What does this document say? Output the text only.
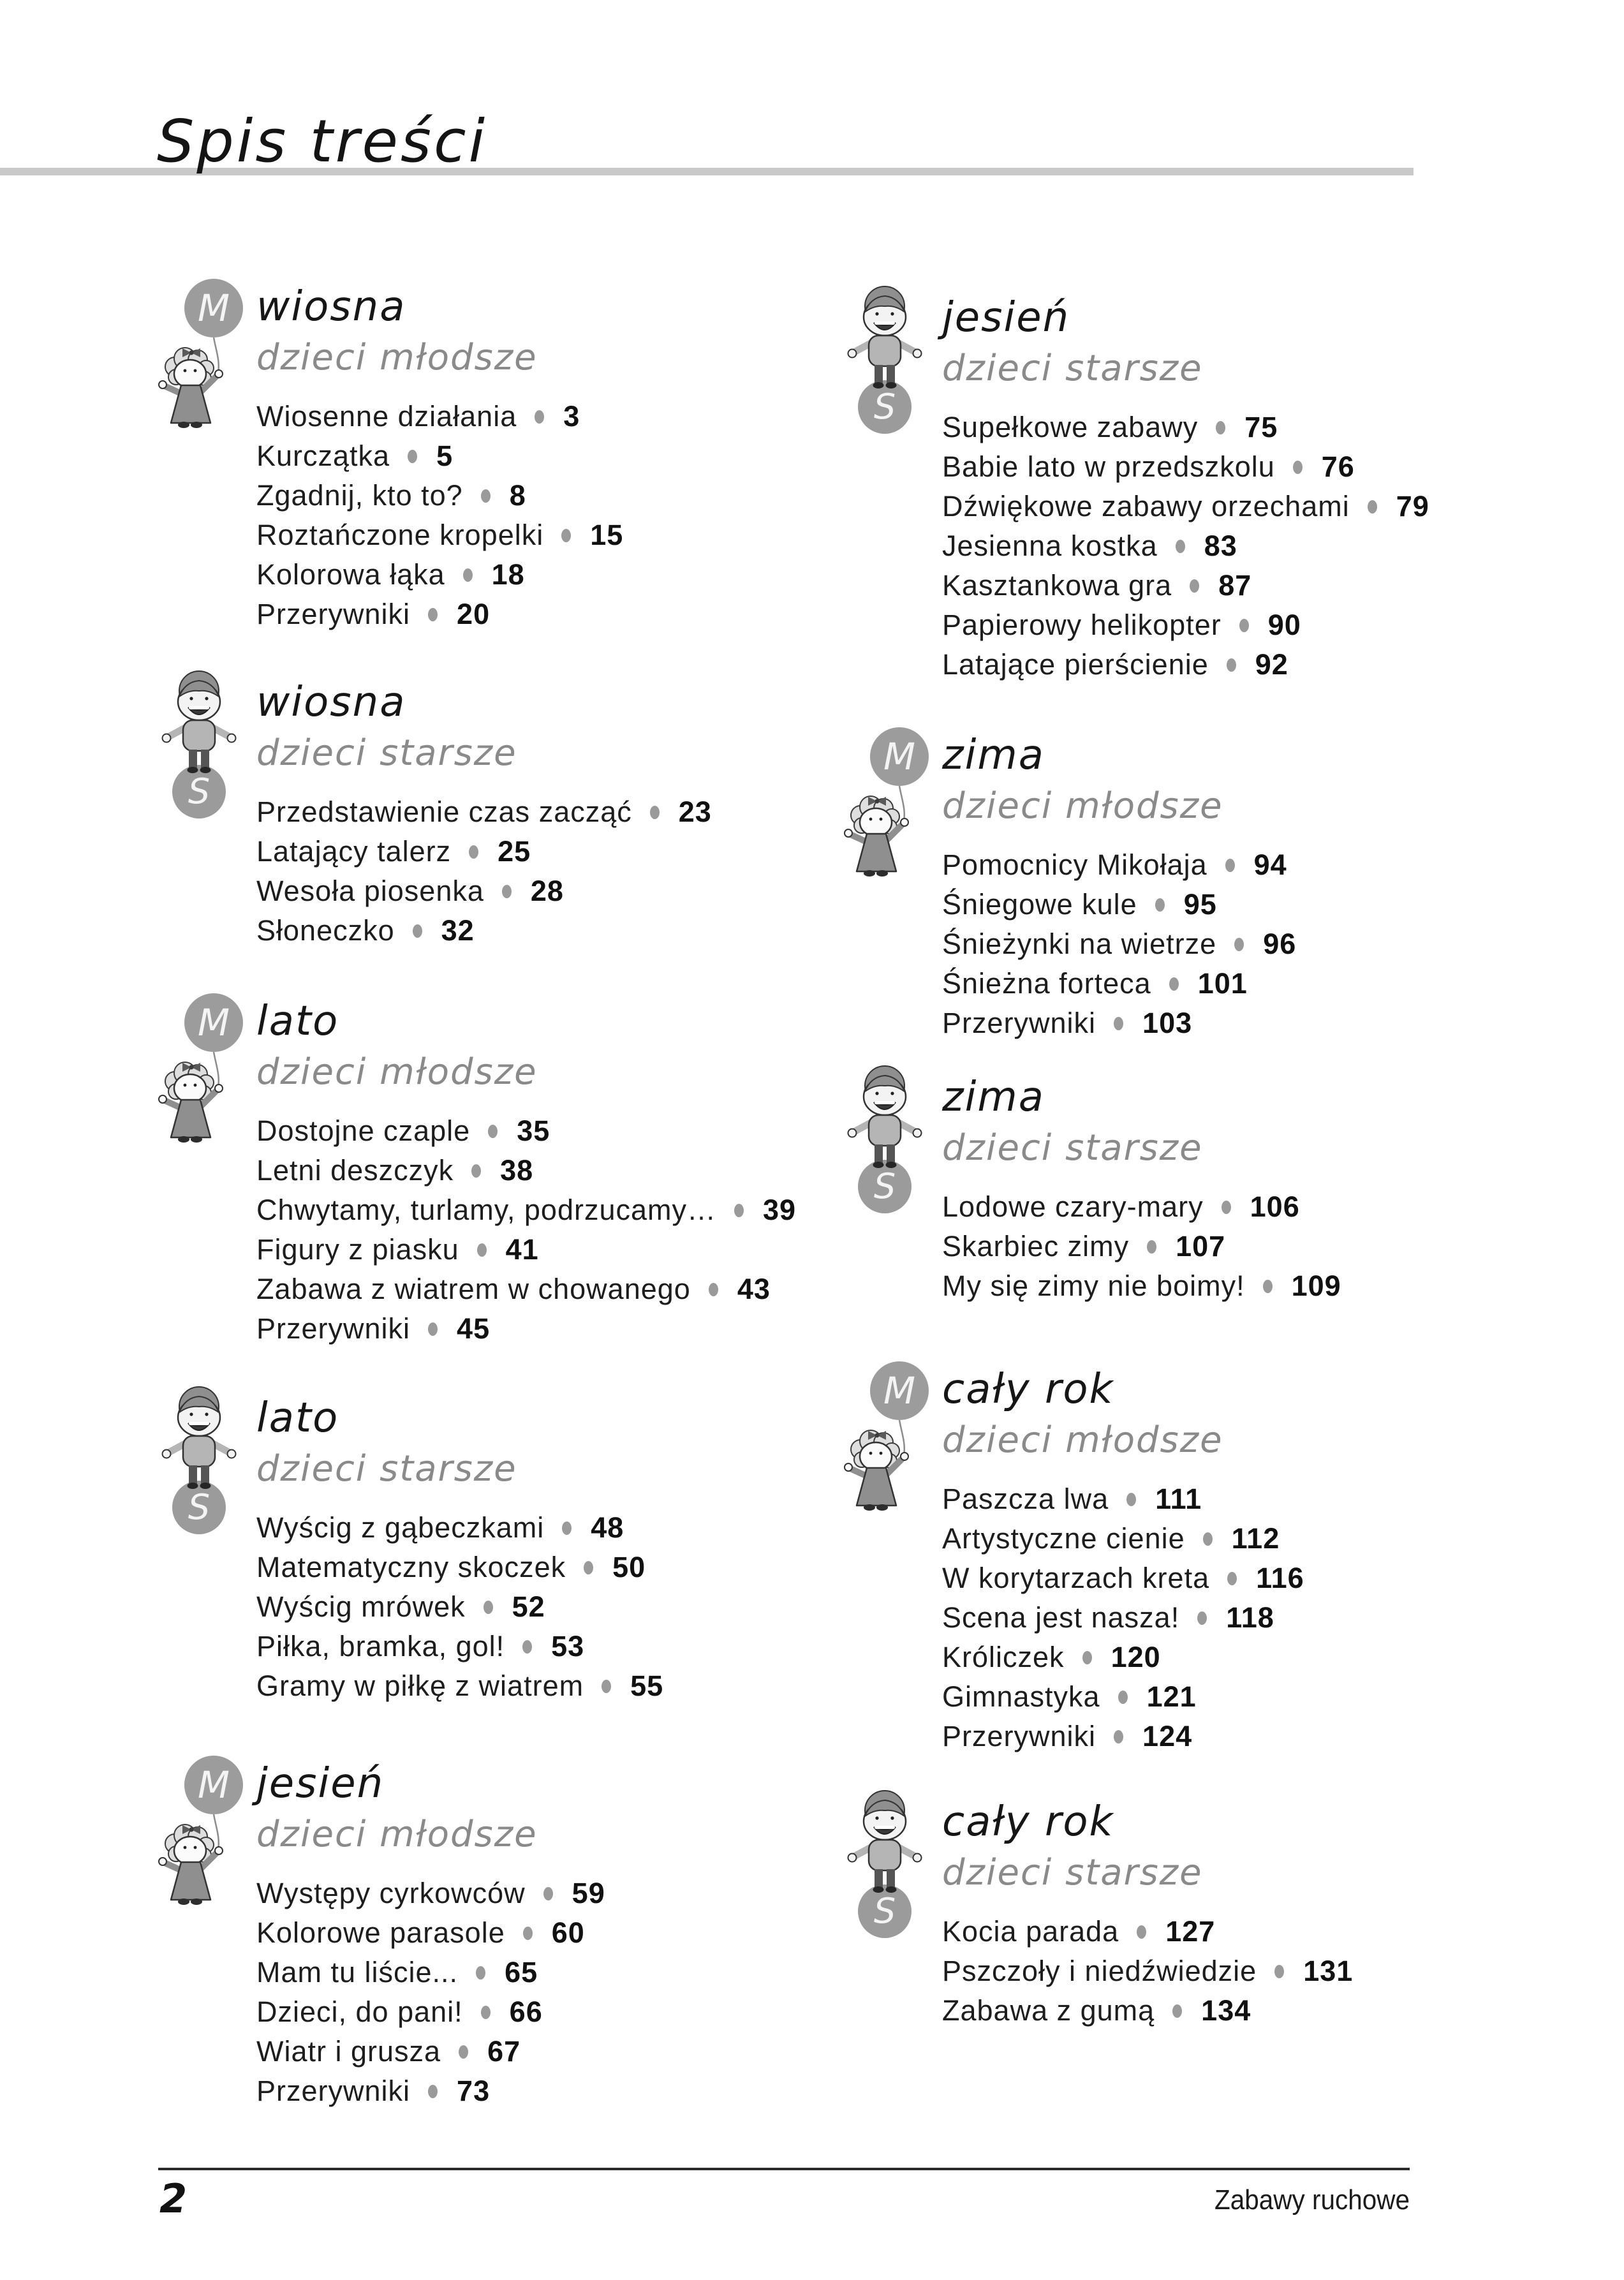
Spis treści
M wiosna
dzieci młodsze
Wiosenne działania 3
Kurczątka 5
Zgadnij, kto to? 8
Roztańczone kropelki 15
Kolorowa łąka 18
Przerywniki 20
S
wiosna
dzieci starsze
Przedstawienie czas zacząć 23
Latający talerz 25
Wesoła piosenka 28
Słoneczko 32
M lato
dzieci młodsze
Dostojne czaple 35
Letni deszczyk 38
Chwytamy, turlamy, podrzucamy… 39
Figury z piasku 41
Zabawa z wiatrem w chowanego 43
Przerywniki 45
S
lato
dzieci starsze
Wyścig z gąbeczkami 48
Matematyczny skoczek 50
Wyścig mrówek 52
Piłka, bramka, gol! 53
Gramy w piłkę z wiatrem 55
M jesień
dzieci młodsze
Występy cyrkowców 59
Kolorowe parasole 60
Mam tu liście... 65
Dzieci, do pani! 66
Wiatr i grusza 67
Przerywniki 73
S
jesień
dzieci starsze
Supełkowe zabawy 75
Babie lato w przedszkolu 76
Dźwiękowe zabawy orzechami 79
Jesienna kostka 83
Kasztankowa gra 87
Papierowy helikopter 90
Latające pierścienie 92
M zima
dzieci młodsze
Pomocnicy Mikołaja 94
Śniegowe kule 95
Śnieżynki na wietrze 96
Śnieżna forteca 101
Przerywniki 103
S
zima
dzieci starsze
Lodowe czary-mary 106
Skarbiec zimy 107
My się zimy nie boimy! 109
M cały rok
dzieci młodsze
Paszcza lwa 111
Artystyczne cienie 112
W korytarzach kreta 116
Scena jest nasza! 118
Króliczek 120
Gimnastyka 121
Przerywniki 124
S
cały rok
dzieci starsze
Kocia parada 127
Pszczoły i niedźwiedzie 131
Zabawa z gumą 134
2	Zabawy ruchowe
